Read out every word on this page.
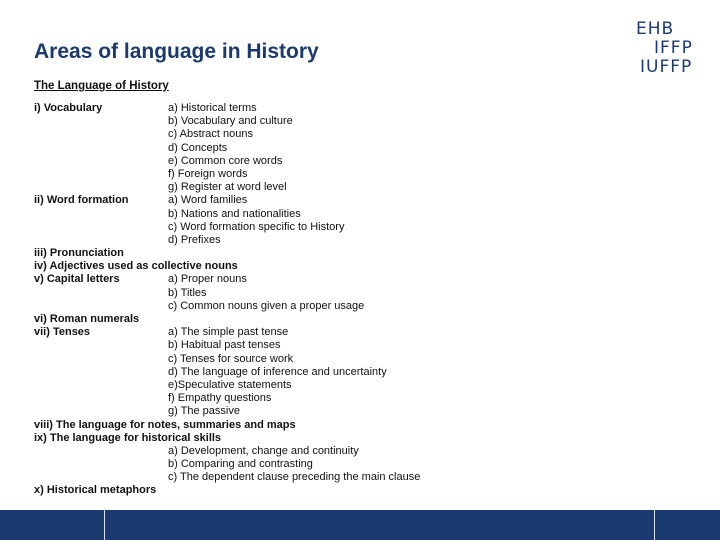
Areas of language in History
EHB
IFFP
IUFFP
The Language of History
i) Vocabulary	a) Historical terms
b) Vocabulary and culture
c) Abstract nouns
d) Concepts
e) Common core words
f) Foreign words
g) Register at word level
ii) Word formation	a) Word families
b) Nations and nationalities
c) Word formation specific to History
d) Prefixes
iii) Pronunciation
iv) Adjectives used as collective nouns
v) Capital letters	a) Proper nouns
b) Titles
c) Common nouns given a proper usage
vi) Roman numerals
vii) Tenses	a) The simple past tense
b) Habitual past tenses
c) Tenses for source work
d) The language of inference and uncertainty
e)Speculative statements
f) Empathy questions
g) The passive
viii) The language for notes, summaries and maps
ix) The language for historical skills
a) Development, change and continuity
b) Comparing and contrasting
c) The dependent clause preceding the main clause
x) Historical metaphors
